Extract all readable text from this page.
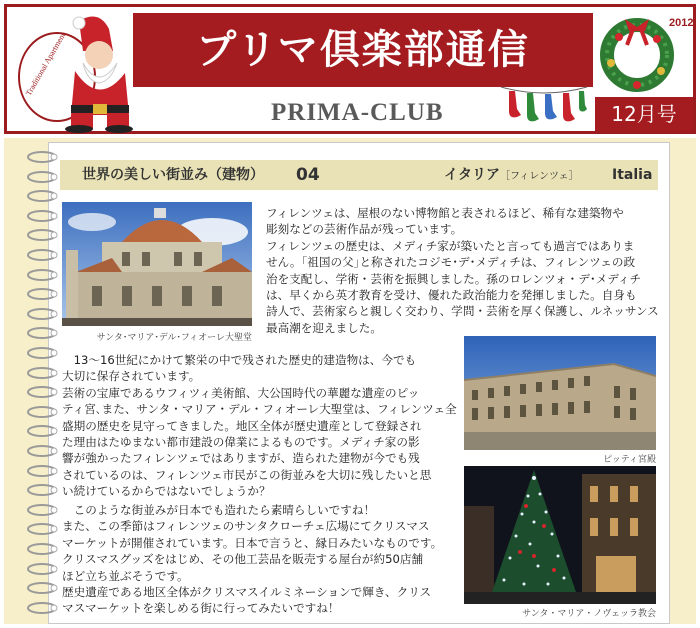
Traditional Apartment	プリマ倶楽部通信
PRIMA-CLUB
2012
12月号
世界の美しい街並み（建物） 04	イタリア［フィレンツェ］ Italia
サンタ･マリア･デル･フィオーレ大聖堂
フィレンツェは、屋根のない博物館と表されるほど、稀有な建築物や
彫刻などの芸術作品が残っています。
フィレンツェの歴史は、メディチ家が築いたと言っても過言ではありま
せん。｢祖国の父｣と称されたコジモ･デ･メディチは、フィレンツェの政
治を支配し、学術・芸術を振興しました。孫のロレンツォ・デ･メディチ
は、早くから英才教育を受け、優れた政治能力を発揮しました。自身も
詩人で、芸術家らと親しく交わり、学問・芸術を厚く保護し、ルネッサンス
最高潮を迎えました。
ピッティ宮殿
　13～16世紀にかけて繁栄の中で残された歴史的建造物は、今でも
大切に保存されています。
芸術の宝庫であるウフィツィ美術館、大公国時代の華麗な遺産のピッ
ティ宮､また、サンタ・マリア・デル・フィオーレ大聖堂は、フィレンツェ全
盛期の歴史を見守ってきました。地区全体が歴史遺産として登録され
た理由はたゆまない都市建設の偉業によるものです。メディチ家の影
響が強かったフィレンツェではありますが、造られた建物が今でも残
されているのは、フィレンツェ市民がこの街並みを大切に残したいと思
い続けているからではないでしょうか？
サンタ・マリア・ノヴェッラ教会
　このような街並みが日本でも造れたら素晴らしいですね！
また、この季節はフィレンツェのサンタクローチェ広場にてクリスマス
マーケットが開催されています。日本で言うと、縁日みたいなものです。
クリスマスグッズをはじめ、その他工芸品を販売する屋台が約50店舗
ほど立ち並ぶそうです。
歴史遺産である地区全体がクリスマスイルミネーションで輝き、クリス
マスマーケットを楽しめる街に行ってみたいですね！
